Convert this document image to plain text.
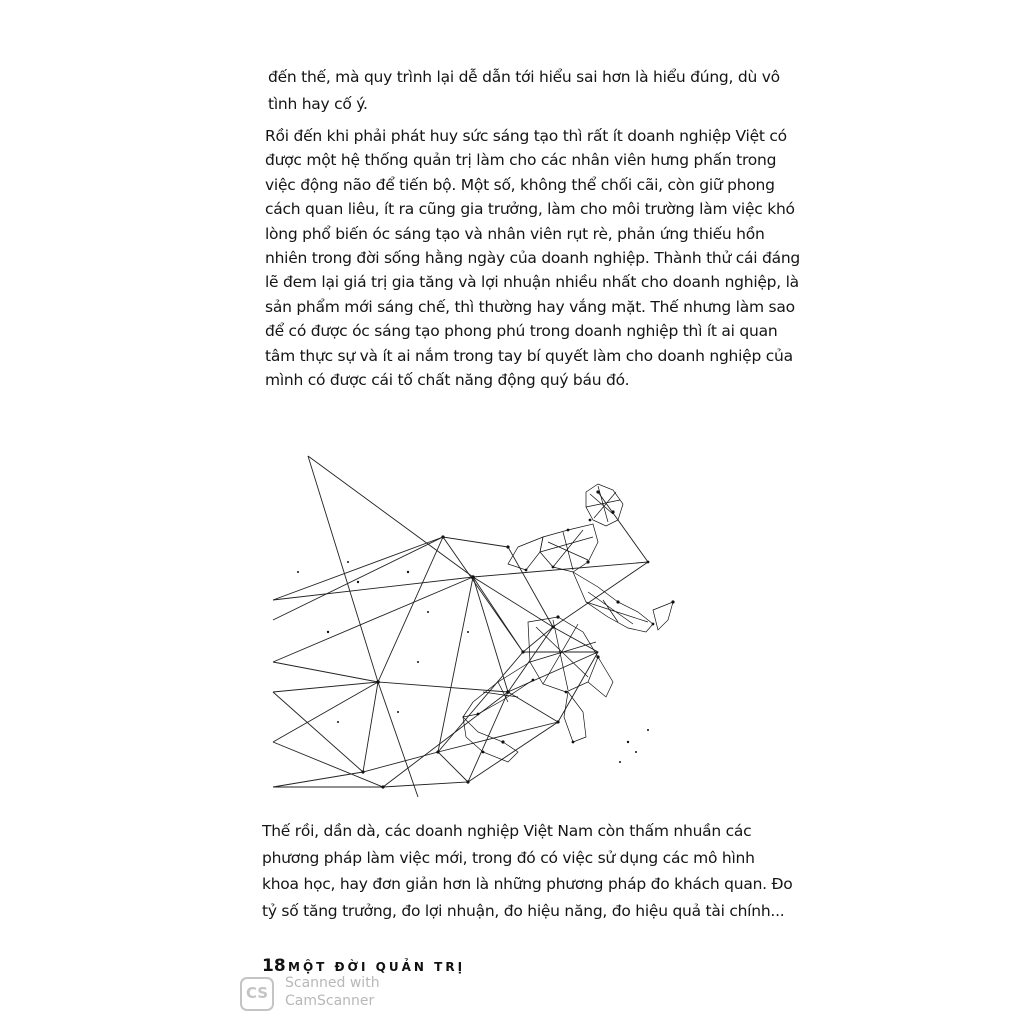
đến thế, mà quy trình lại dễ dẫn tới hiểu sai hơn là hiểu đúng, dù vô
tình hay cố ý.

Rồi đến khi phải phát huy sức sáng tạo thì rất ít doanh nghiệp Việt có
được một hệ thống quản trị làm cho các nhân viên hưng phấn trong
việc động não để tiến bộ. Một số, không thể chối cãi, còn giữ phong
cách quan liêu, ít ra cũng gia trưởng, làm cho môi trường làm việc khó
lòng phổ biến óc sáng tạo và nhân viên rụt rè, phản ứng thiếu hồn
nhiên trong đời sống hằng ngày của doanh nghiệp. Thành thử cái đáng
lẽ đem lại giá trị gia tăng và lợi nhuận nhiều nhất cho doanh nghiệp, là
sản phẩm mới sáng chế, thì thường hay vắng mặt. Thế nhưng làm sao
để có được óc sáng tạo phong phú trong doanh nghiệp thì ít ai quan
tâm thực sự và ít ai nắm trong tay bí quyết làm cho doanh nghiệp của
mình có được cái tố chất năng động quý báu đó.

Thế rồi, dần dà, các doanh nghiệp Việt Nam còn thấm nhuần các
phương pháp làm việc mới, trong đó có việc sử dụng các mô hình
khoa học, hay đơn giản hơn là những phương pháp đo khách quan. Đo
tỷ số tăng trưởng, đo lợi nhuận, đo hiệu năng, đo hiệu quả tài chính...

18 MỘT ĐỜI QUẢN TRỊ
CS
Scanned with
CamScanner
